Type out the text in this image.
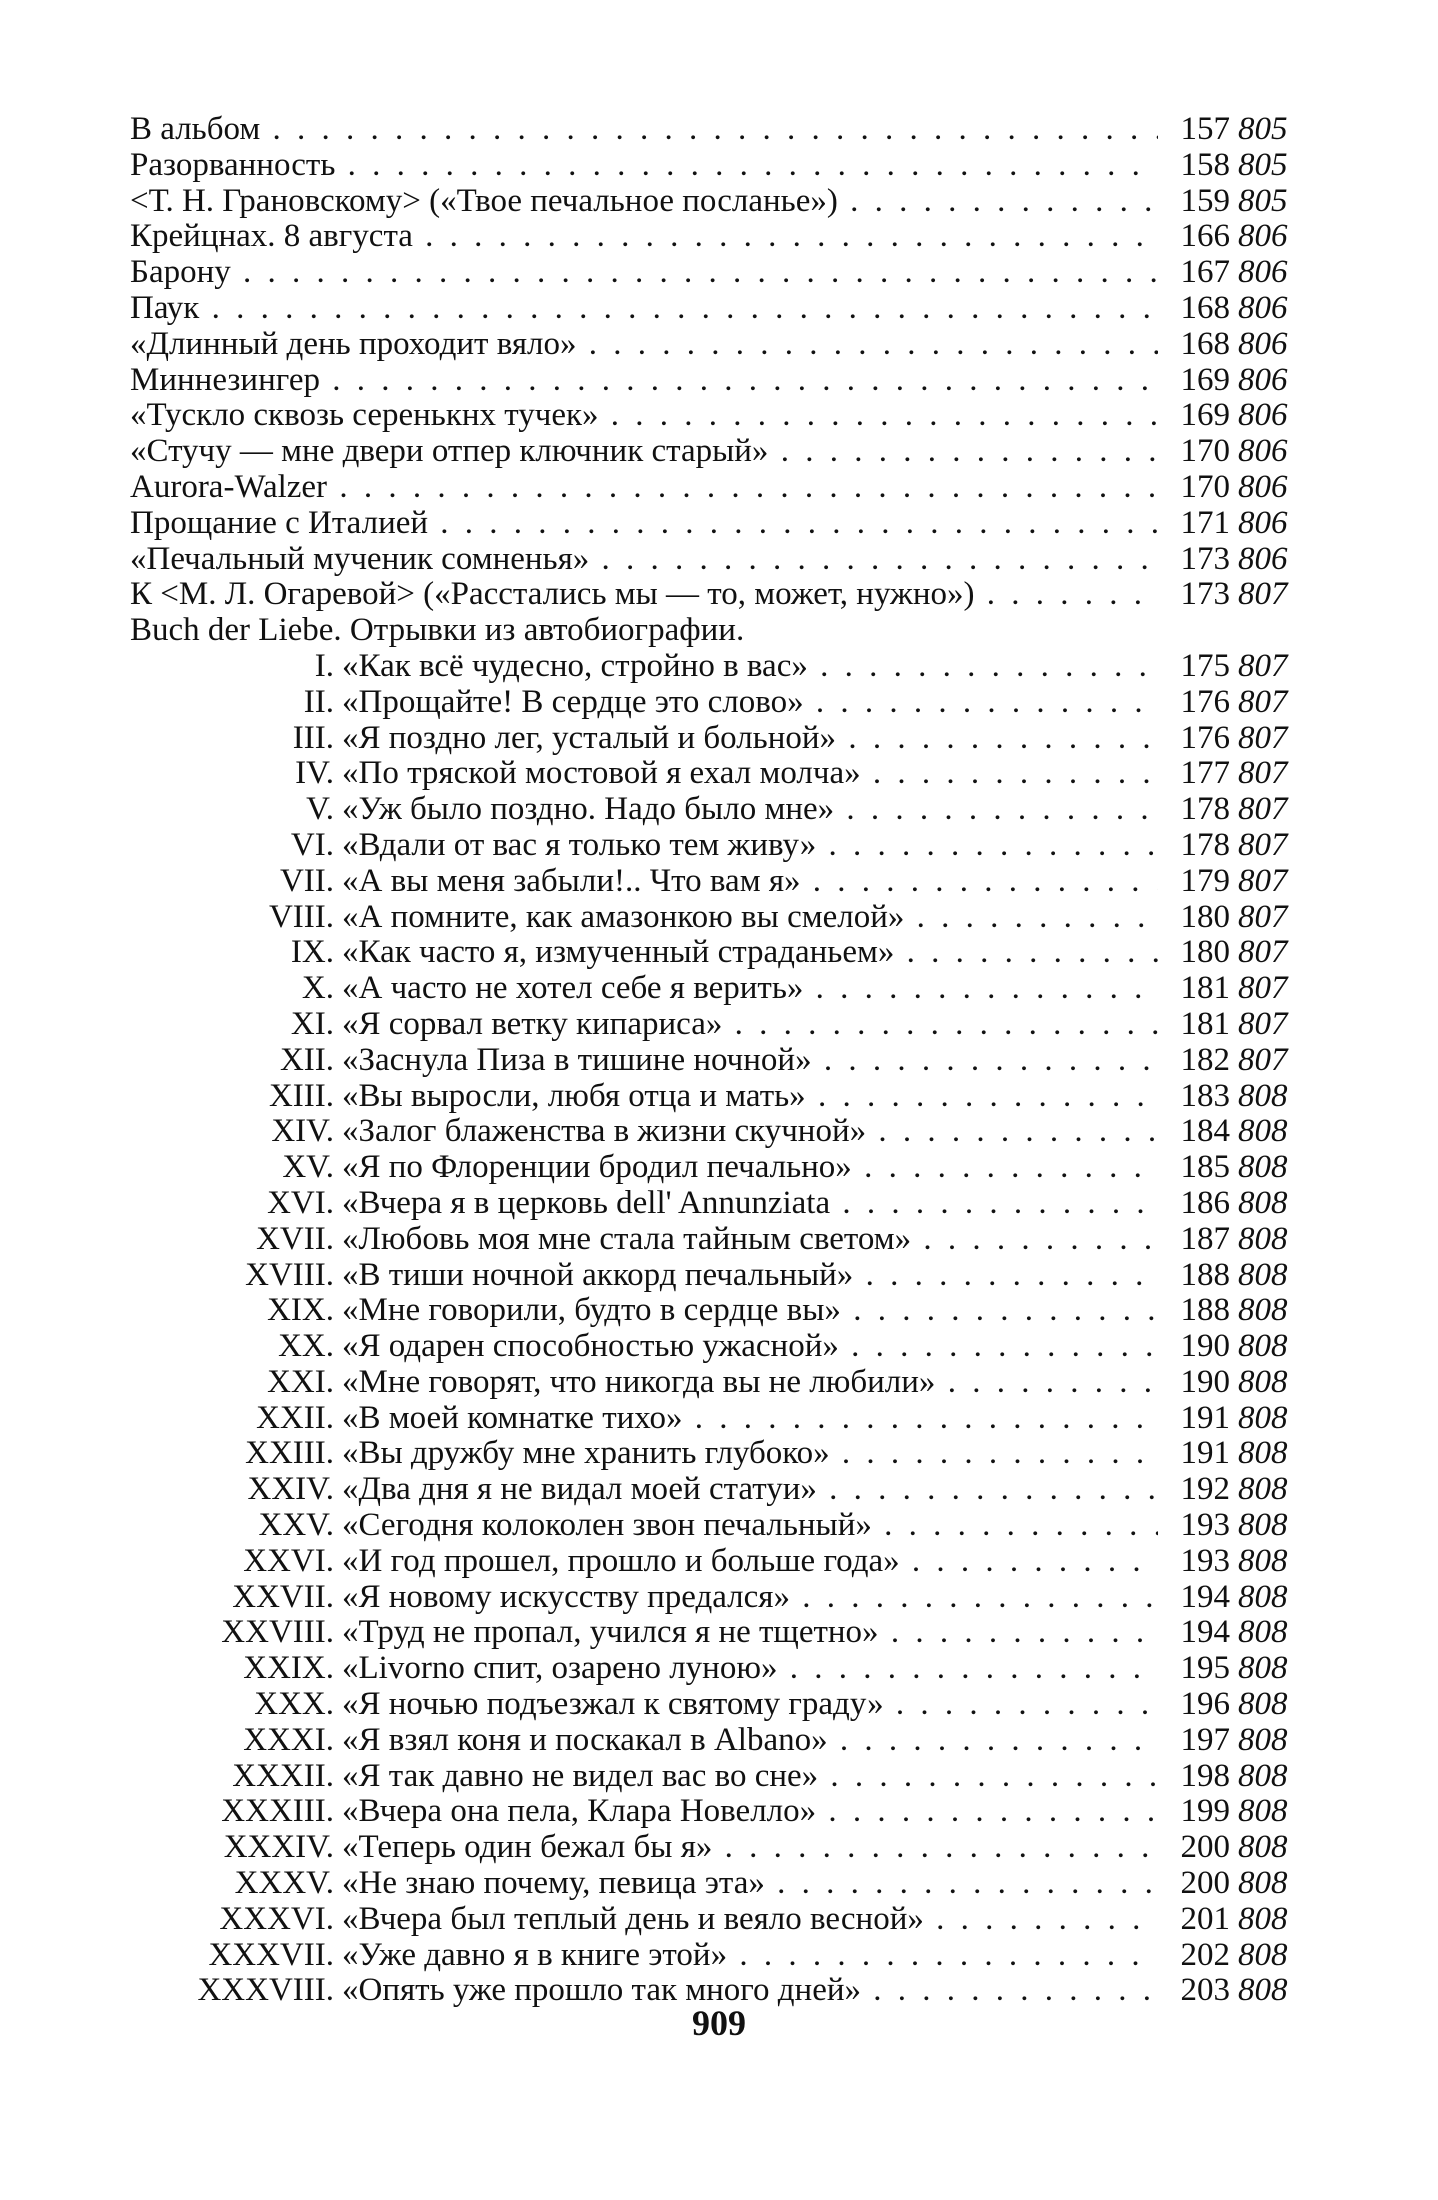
В альбом . . .	157 805
Разорванность . . .	158 805
<Т. Н. Грановскому> («Твое печальное посланье») . . .	159 805
Крейцнах. 8 августа . . .	166 806
Барону . . .	167 806
Паук . . .	168 806
«Длинный день проходит вяло» . . .	168 806
Миннезингер . . .	169 806
«Тускло сквозь серенькнх тучек» . . .	169 806
«Стучу — мне двери отпер ключник старый» . . .	170 806
Aurora-Walzer . . .	170 806
Прощание с Италией . . .	171 806
«Печальный мученик сомненья» . . .	173 806
К <М. Л. Огаревой> («Расстались мы — то, может, нужно») . . .	173 807
Buch der Liebe. Отрывки из автобиографии.
I. «Как всё чудесно, стройно в вас» . . .	175 807
II. «Прощайте! В сердце это слово» . . .	176 807
III. «Я поздно лег, усталый и больной» . . .	176 807
IV. «По тряской мостовой я ехал молча» . . .	177 807
V. «Уж было поздно. Надо было мне» . . .	178 807
VI. «Вдали от вас я только тем живу» . . .	178 807
VII. «А вы меня забыли!.. Что вам я» . . .	179 807
VIII. «А помните, как амазонкою вы смелой» . . .	180 807
IX. «Как часто я, измученный страданьем» . . .	180 807
X. «А часто не хотел себе я верить» . . .	181 807
XI. «Я сорвал ветку кипариса» . . .	181 807
XII. «Заснула Пиза в тишине ночной» . . .	182 807
XIII. «Вы выросли, любя отца и мать» . . .	183 808
XIV. «Залог блаженства в жизни скучной» . . .	184 808
XV. «Я по Флоренции бродил печально» . . .	185 808
XVI. «Вчера я в церковь dell' Annunziata . . .	186 808
XVII. «Любовь моя мне стала тайным светом» . . .	187 808
XVIII. «В тиши ночной аккорд печальный» . . .	188 808
XIX. «Мне говорили, будто в сердце вы» . . .	188 808
XX. «Я одарен способностью ужасной» . . .	190 808
XXI. «Мне говорят, что никогда вы не любили» . . .	190 808
XXII. «В моей комнатке тихо» . . .	191 808
XXIII. «Вы дружбу мне хранить глубоко» . . .	191 808
XXIV. «Два дня я не видал моей статуи» . . .	192 808
XXV. «Сегодня колоколен звон печальный» . . .	193 808
XXVI. «И год прошел, прошло и больше года» . . .	193 808
XXVII. «Я новому искусству предался» . . .	194 808
XXVIII. «Труд не пропал, учился я не тщетно» . . .	194 808
XXIX. «Livorno спит, озарено луною» . . .	195 808
XXX. «Я ночью подъезжал к святому граду» . . .	196 808
XXXI. «Я взял коня и поскакал в Albano» . . .	197 808
XXXII. «Я так давно не видел вас во сне» . . .	198 808
XXXIII. «Вчера она пела, Клара Новелло» . . .	199 808
XXXIV. «Теперь один бежал бы я» . . .	200 808
XXXV. «Не знаю почему, певица эта» . . .	200 808
XXXVI. «Вчера был теплый день и веяло весной» . . .	201 808
XXXVII. «Уже давно я в книге этой» . . .	202 808
XXXVIII. «Опять уже прошло так много дней» . . .	203 808
909
